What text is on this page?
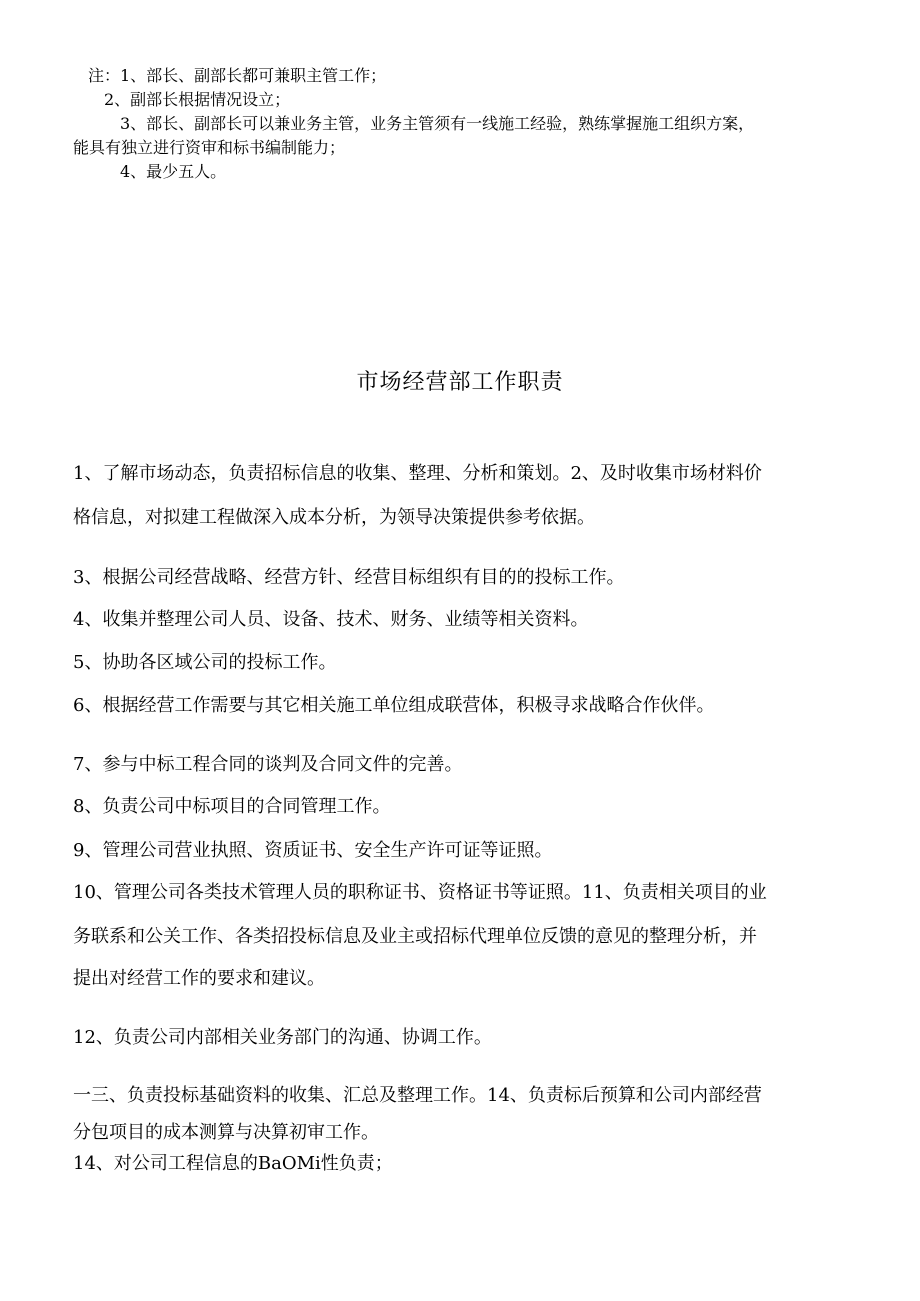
注：1、部长、副部长都可兼职主管工作；
2、副部长根据情况设立；
3、部长、副部长可以兼业务主管，业务主管须有一线施工经验，熟练掌握施工组织方案，
能具有独立进行资审和标书编制能力；
4、最少五人。
市场经营部工作职责
1、了解市场动态，负责招标信息的收集、整理、分析和策划。2、及时收集市场材料价
格信息，对拟建工程做深入成本分析，为领导决策提供参考依据。
3、根据公司经营战略、经营方针、经营目标组织有目的的投标工作。
4、收集并整理公司人员、设备、技术、财务、业绩等相关资料。
5、协助各区域公司的投标工作。
6、根据经营工作需要与其它相关施工单位组成联营体，积极寻求战略合作伙伴。
7、参与中标工程合同的谈判及合同文件的完善。
8、负责公司中标项目的合同管理工作。
9、管理公司营业执照、资质证书、安全生产许可证等证照。
10、管理公司各类技术管理人员的职称证书、资格证书等证照。11、负责相关项目的业
务联系和公关工作、各类招投标信息及业主或招标代理单位反馈的意见的整理分析，并
提出对经营工作的要求和建议。
12、负责公司内部相关业务部门的沟通、协调工作。
一三、负责投标基础资料的收集、汇总及整理工作。14、负责标后预算和公司内部经营
分包项目的成本测算与决算初审工作。
14、对公司工程信息的BaOMi性负责；
